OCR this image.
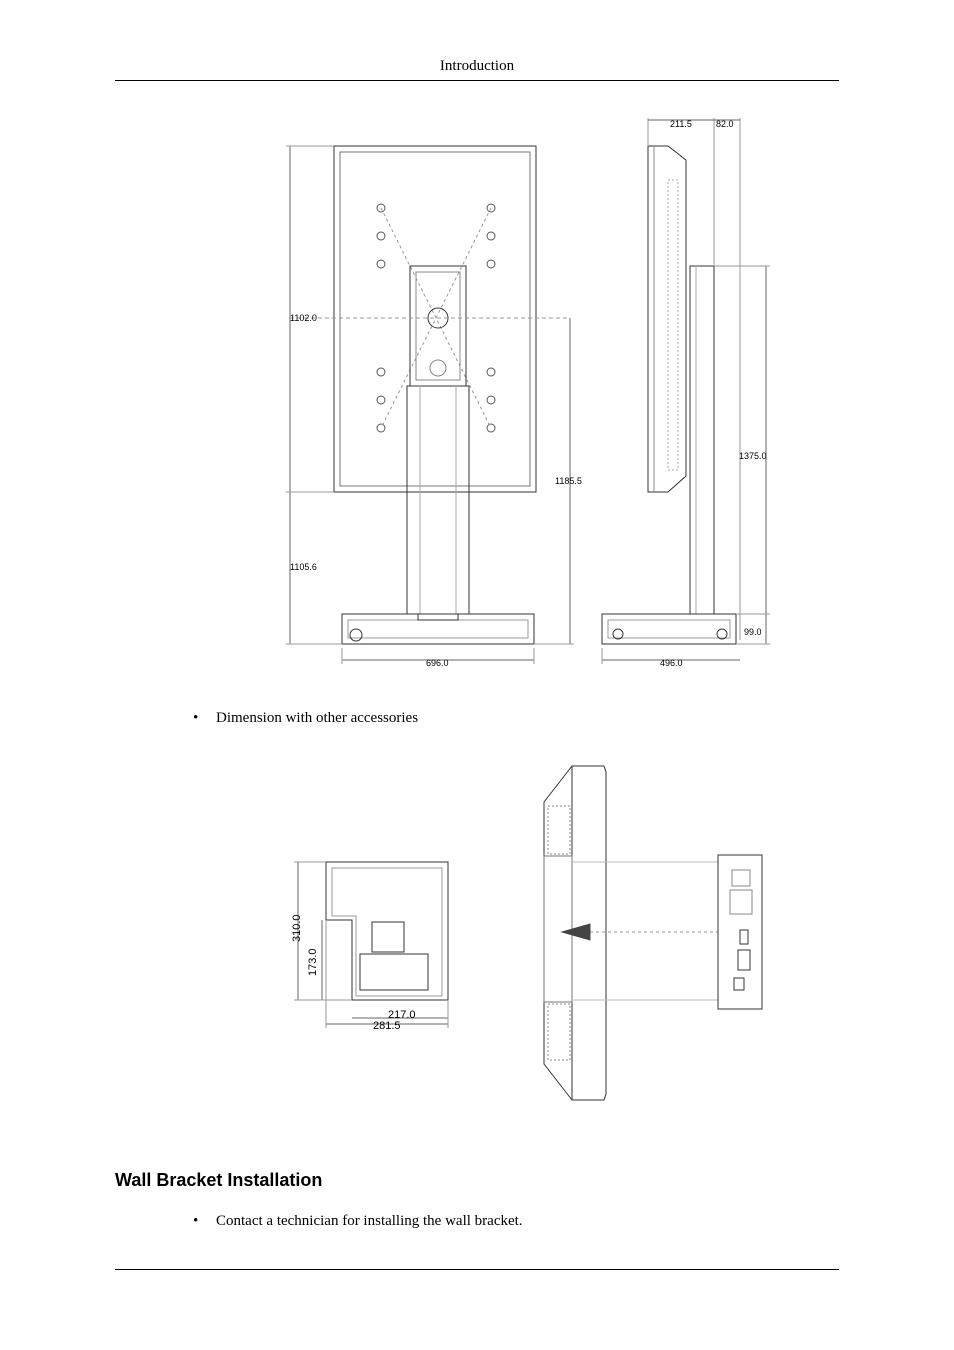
Introduction
1102.0
1185.5
1105.6
696.0
211.5	82.0
1375.0
99.0
496.0
310.0
173.0
217.0
281.5
• Dimension with other accessories
Wall Bracket Installation
• Contact a technician for installing the wall bracket.
